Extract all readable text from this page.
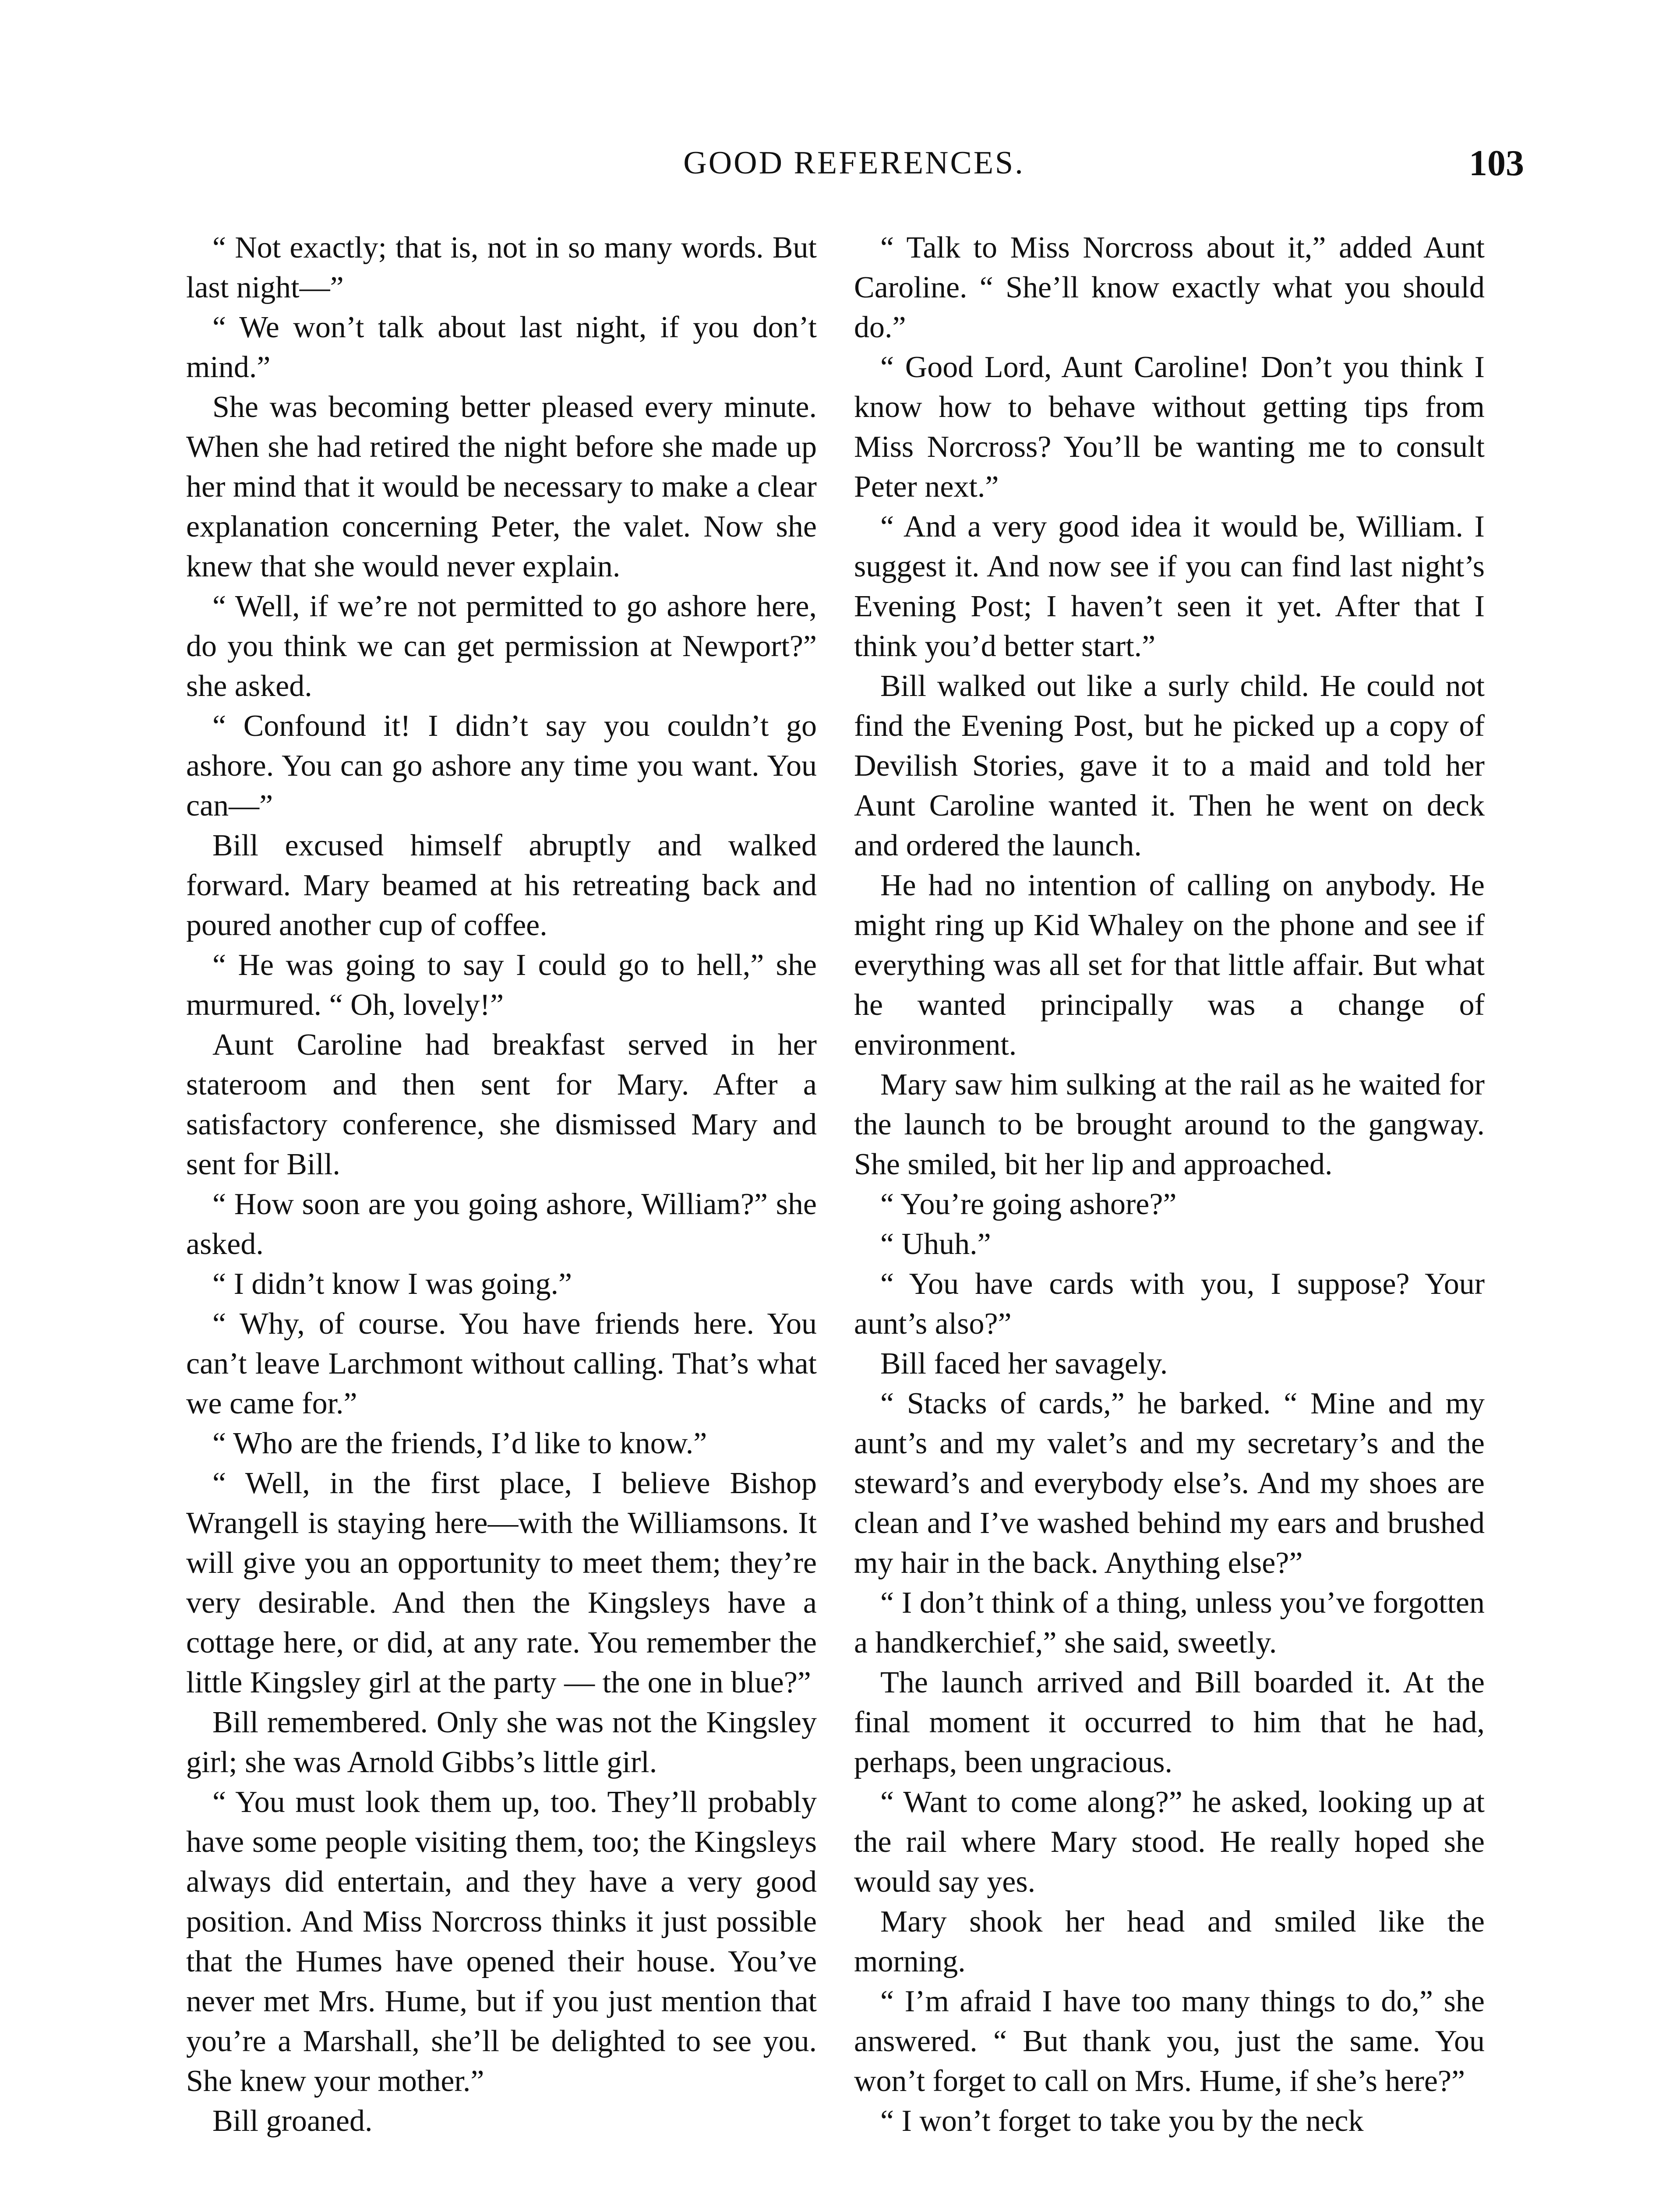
GOOD REFERENCES.	103

“ Not exactly; that is, not in so many words. But last night—”

“ We won’t talk about last night, if you don’t mind.”

She was becoming better pleased every minute. When she had retired the night before she made up her mind that it would be necessary to make a clear explanation concerning Peter, the valet. Now she knew that she would never explain.

“ Well, if we’re not permitted to go ashore here, do you think we can get permission at Newport?” she asked.

“ Confound it! I didn’t say you couldn’t go ashore. You can go ashore any time you want. You can—”

Bill excused himself abruptly and walked forward. Mary beamed at his retreating back and poured another cup of coffee.

“ He was going to say I could go to hell,” she murmured. “ Oh, lovely!”

Aunt Caroline had breakfast served in her stateroom and then sent for Mary. After a satisfactory conference, she dismissed Mary and sent for Bill.

“ How soon are you going ashore, William?” she asked.

“ I didn’t know I was going.”

“ Why, of course. You have friends here. You can’t leave Larchmont without calling. That’s what we came for.”

“ Who are the friends, I’d like to know.”

“ Well, in the first place, I believe Bishop Wrangell is staying here—with the Williamsons. It will give you an opportunity to meet them; they’re very desirable. And then the Kingsleys have a cottage here, or did, at any rate. You remember the little Kingsley girl at the party — the one in blue?”

Bill remembered. Only she was not the Kingsley girl; she was Arnold Gibbs’s little girl.

“ You must look them up, too. They’ll probably have some people visiting them, too; the Kingsleys always did entertain, and they have a very good position. And Miss Norcross thinks it just possible that the Humes have opened their house. You’ve never met Mrs. Hume, but if you just mention that you’re a Marshall, she’ll be delighted to see you. She knew your mother.”

Bill groaned.

“ Talk to Miss Norcross about it,” added Aunt Caroline. “ She’ll know exactly what you should do.”

“ Good Lord, Aunt Caroline! Don’t you think I know how to behave without getting tips from Miss Norcross? You’ll be wanting me to consult Peter next.”

“ And a very good idea it would be, William. I suggest it. And now see if you can find last night’s Evening Post; I haven’t seen it yet. After that I think you’d better start.”

Bill walked out like a surly child. He could not find the Evening Post, but he picked up a copy of Devilish Stories, gave it to a maid and told her Aunt Caroline wanted it. Then he went on deck and ordered the launch.

He had no intention of calling on anybody. He might ring up Kid Whaley on the phone and see if everything was all set for that little affair. But what he wanted principally was a change of environment.

Mary saw him sulking at the rail as he waited for the launch to be brought around to the gangway. She smiled, bit her lip and approached.

“ You’re going ashore?”

“ Uhuh.”

“ You have cards with you, I suppose? Your aunt’s also?”

Bill faced her savagely.

“ Stacks of cards,” he barked. “ Mine and my aunt’s and my valet’s and my secretary’s and the steward’s and everybody else’s. And my shoes are clean and I’ve washed behind my ears and brushed my hair in the back. Anything else?”

“ I don’t think of a thing, unless you’ve forgotten a handkerchief,” she said, sweetly.

The launch arrived and Bill boarded it. At the final moment it occurred to him that he had, perhaps, been ungracious.

“ Want to come along?” he asked, looking up at the rail where Mary stood. He really hoped she would say yes.

Mary shook her head and smiled like the morning.

“ I’m afraid I have too many things to do,” she answered. “ But thank you, just the same. You won’t forget to call on Mrs. Hume, if she’s here?”

“ I won’t forget to take you by the neck
